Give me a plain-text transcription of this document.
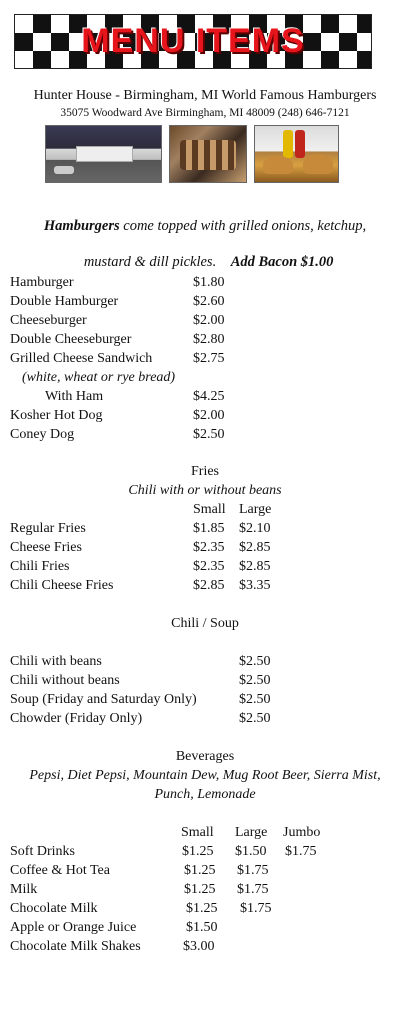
MENU ITEMS
Hunter House - Birmingham, MI World Famous Hamburgers
35075 Woodward Ave Birmingham, MI 48009 (248) 646-7121
Hamburgers come topped with grilled onions, ketchup,

mustard & dill pickles.    Add Bacon $1.00

Hamburger	$1.80
Double Hamburger	$2.60
Cheeseburger	$2.00
Double Cheeseburger	$2.80
Grilled Cheese Sandwich	$2.75
(white, wheat or rye bread)
With Ham	$4.25
Kosher Hot Dog	$2.00
Coney Dog	$2.50
Fries
Chili with or without beans
Small Large
Regular Fries	$1.85 $2.10
Cheese Fries	$2.35 $2.85
Chili Fries	$2.35 $2.85
Chili Cheese Fries	$2.85 $3.35
Chili / Soup
Chili with beans	$2.50
Chili without beans	$2.50
Soup (Friday and Saturday Only)	$2.50
Chowder (Friday Only)	$2.50
Beverages
Pepsi, Diet Pepsi, Mountain Dew, Mug Root Beer, Sierra Mist,
Punch, Lemonade
Small Large Jumbo
Soft Drinks	$1.25 $1.50 $1.75
Coffee & Hot Tea	$1.25 $1.75
Milk	$1.25 $1.75
Chocolate Milk	$1.25 $1.75
Apple or Orange Juice	$1.50
Chocolate Milk Shakes	$3.00
